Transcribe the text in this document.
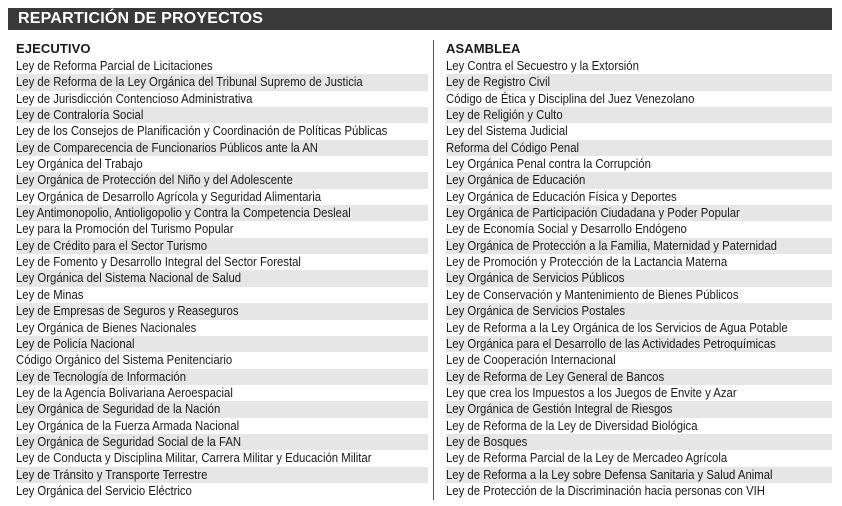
REPARTICIÓN DE PROYECTOS
EJECUTIVO
Ley de Reforma Parcial de Licitaciones
Ley de Reforma de la Ley Orgánica del Tribunal Supremo de Justicia
Ley de Jurisdicción Contencioso Administrativa
Ley de Contraloría Social
Ley de los Consejos de Planificación y Coordinación de Políticas Públicas
Ley de Comparecencia de Funcionarios Públicos ante la AN
Ley Orgánica del Trabajo
Ley Orgánica de Protección del Niño y del Adolescente
Ley Orgánica de Desarrollo Agrícola y Seguridad Alimentaria
Ley Antimonopolio, Antioligopolio y Contra la Competencia Desleal
Ley para la Promoción del Turismo Popular
Ley de Crédito para el Sector Turismo
Ley de Fomento y Desarrollo Integral del Sector Forestal
Ley Orgánica del Sistema Nacional de Salud
Ley de Minas
Ley de Empresas de Seguros y Reaseguros
Ley Orgánica de Bienes Nacionales
Ley de Policía Nacional
Código Orgánico del Sistema Penitenciario
Ley de Tecnología de Información
Ley de la Agencia Bolivariana Aeroespacial
Ley Orgánica de Seguridad de la Nación
Ley Orgánica de la Fuerza Armada Nacional
Ley Orgánica de Seguridad Social de la FAN
Ley de Conducta y Disciplina Militar, Carrera Militar y Educación Militar
Ley de Tránsito y Transporte Terrestre
Ley Orgánica del Servicio Eléctrico
ASAMBLEA
Ley Contra el Secuestro y la Extorsión
Ley de Registro Civil
Código de Ética y Disciplina del Juez Venezolano
Ley de Religión y Culto
Ley del Sistema Judicial
Reforma del Código Penal
Ley Orgánica Penal contra la Corrupción
Ley Orgánica de Educación
Ley Orgánica de Educación Física y Deportes
Ley Orgánica de Participación Ciudadana y Poder Popular
Ley de Economía Social y Desarrollo Endógeno
Ley Orgánica de Protección a la Familia, Maternidad y Paternidad
Ley de Promoción y Protección de la Lactancia Materna
Ley Orgánica de Servicios Públicos
Ley de Conservación y Mantenimiento de Bienes Públicos
Ley Orgánica de Servicios Postales
Ley de Reforma a la Ley Orgánica de los Servicios de Agua Potable
Ley Orgánica para el Desarrollo de las Actividades Petroquímicas
Ley de Cooperación Internacional
Ley de Reforma de Ley General de Bancos
Ley que crea los Impuestos a los Juegos de Envite y Azar
Ley Orgánica de Gestión Integral de Riesgos
Ley de Reforma de la Ley de Diversidad Biológica
Ley de Bosques
Ley de Reforma Parcial de la Ley de Mercadeo Agrícola
Ley de Reforma a la Ley sobre Defensa Sanitaria y Salud Animal
Ley de Protección de la Discriminación hacia personas con VIH
